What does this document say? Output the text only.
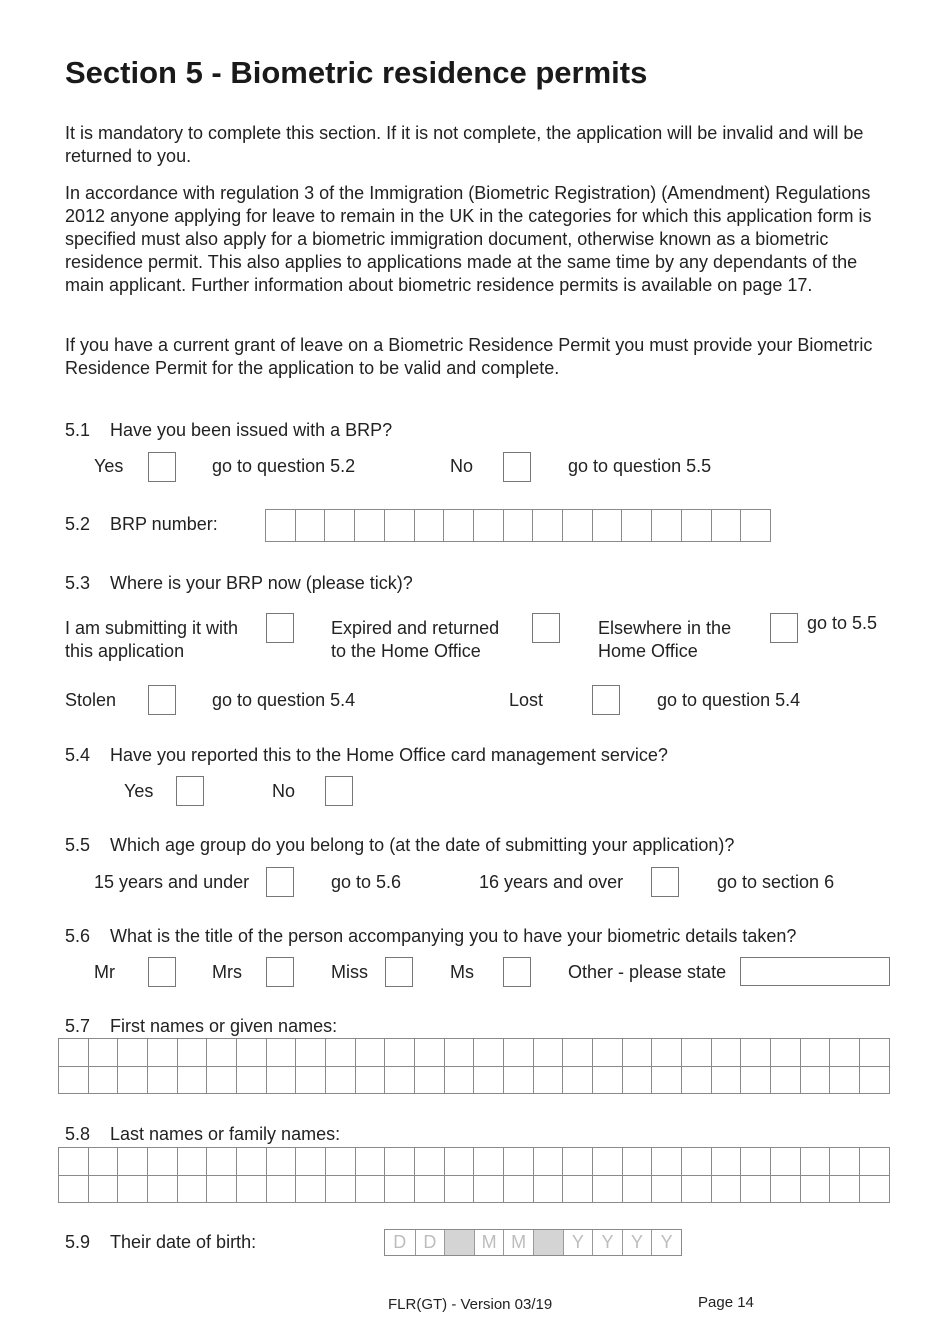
Section 5 - Biometric residence permits

It is mandatory to complete this section. If it is not complete, the application will be invalid and will be returned to you.

In accordance with regulation 3 of the Immigration (Biometric Registration) (Amendment) Regulations 2012 anyone applying for leave to remain in the UK in the categories for which this application form is specified must also apply for a biometric immigration document, otherwise known as a biometric residence permit. This also applies to applications made at the same time by any dependants of the main applicant. Further information about biometric residence permits is available on page 17.

If you have a current grant of leave on a Biometric Residence Permit you must provide your Biometric Residence Permit for the application to be valid and complete.

5.1 Have you been issued with a BRP?
Yes	go to question 5.2	No	go to question 5.5
5.2 BRP number:
5.3 Where is your BRP now (please tick)?
I am submitting it with
this application
Expired and returned
to the Home Office
Elsewhere in the
Home Office
go to 5.5
Stolen	go to question 5.4	Lost	go to question 5.4
5.4 Have you reported this to the Home Office card management service?
Yes	No
5.5 Which age group do you belong to (at the date of submitting your application)?
15 years and under	go to 5.6	16 years and over	go to section 6
5.6 What is the title of the person accompanying you to have your biometric details taken?
Mr	Mrs	Miss	Ms	Other - please state
5.7 First names or given names:
5.8 Last names or family names:
5.9 Their date of birth:	D D	M M	Y Y Y Y
FLR(GT) - Version 03/19	Page 14
